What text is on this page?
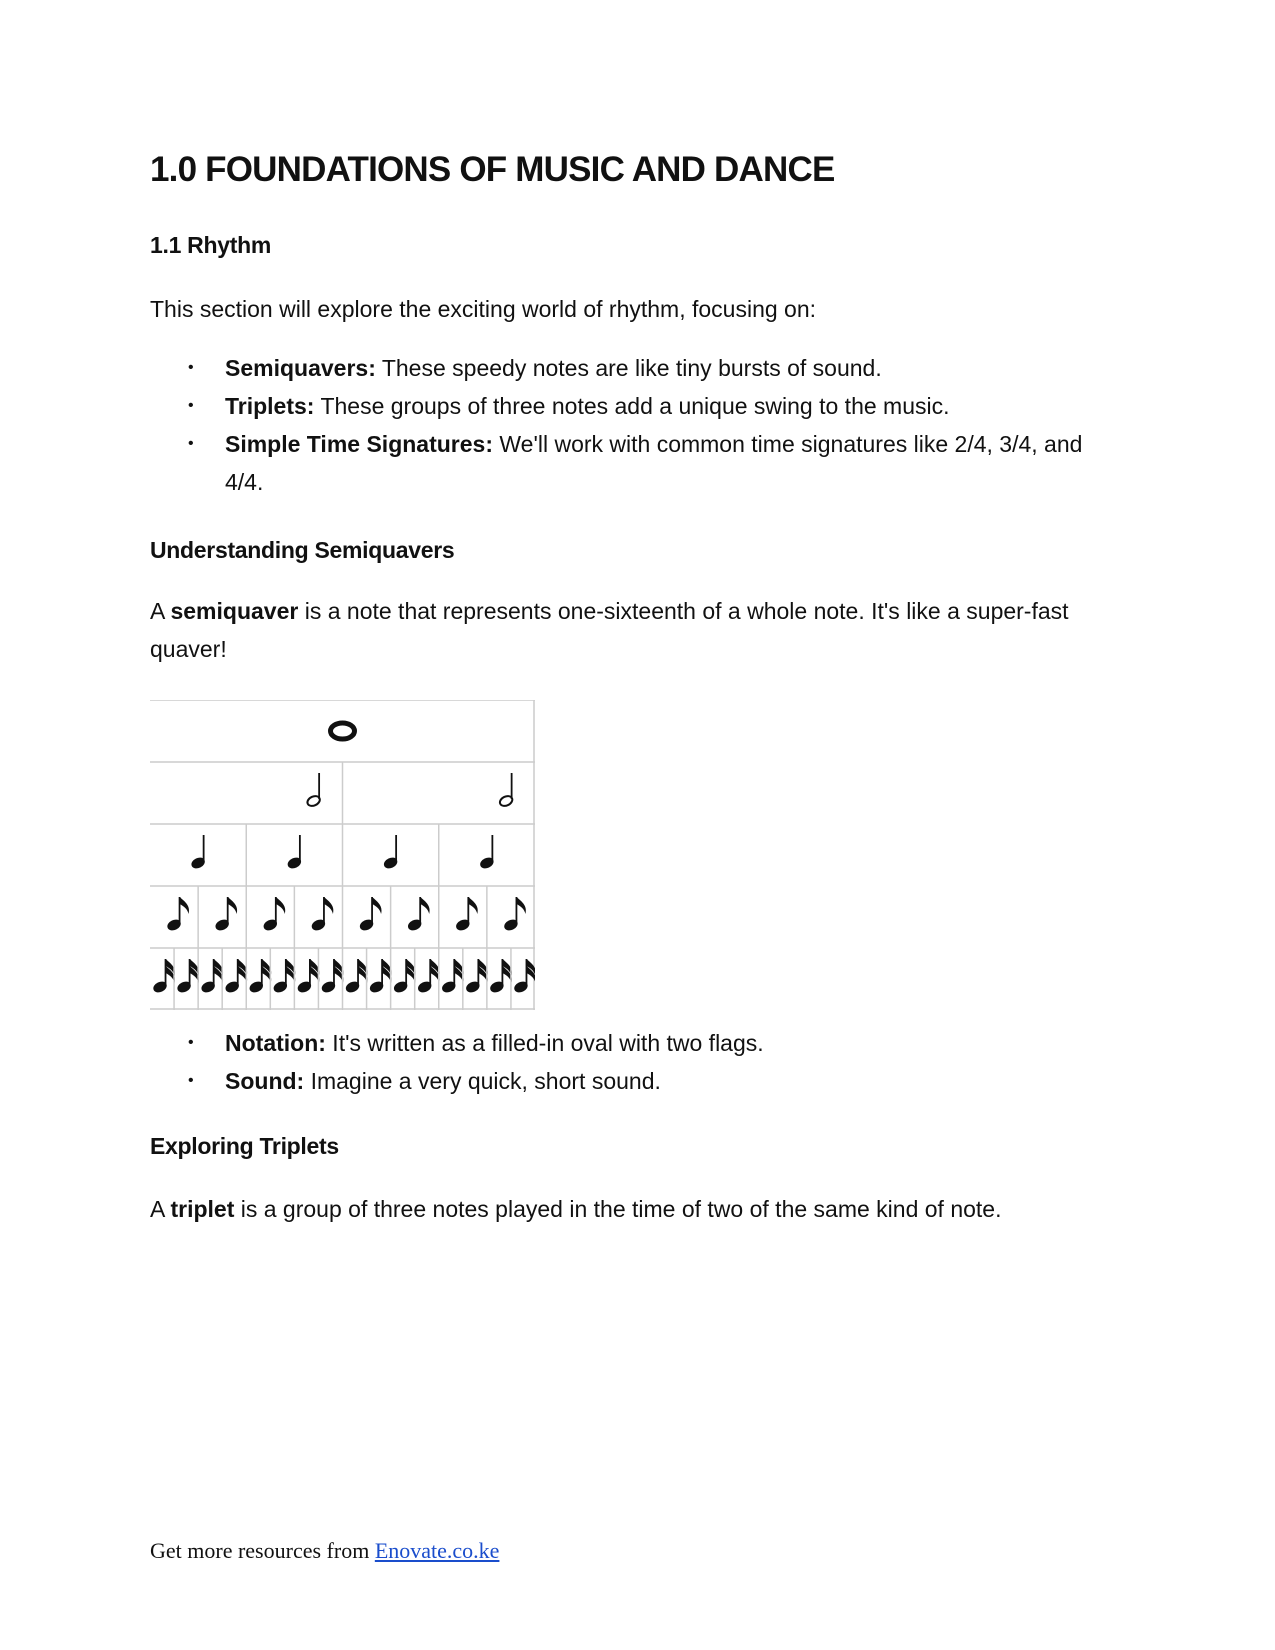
1.0 FOUNDATIONS OF MUSIC AND DANCE
1.1 Rhythm

This section will explore the exciting world of rhythm, focusing on:

• Semiquavers: These speedy notes are like tiny bursts of sound.
• Triplets: These groups of three notes add a unique swing to the music.
• Simple Time Signatures: We'll work with common time signatures like 2/4, 3/4, and 4/4.
Understanding Semiquavers

A semiquaver is a note that represents one-sixteenth of a whole note. It's like a super-fast quaver!

• Notation: It's written as a filled-in oval with two flags.
• Sound: Imagine a very quick, short sound.
Exploring Triplets

A triplet is a group of three notes played in the time of two of the same kind of note.

Get more resources from Enovate.co.ke
